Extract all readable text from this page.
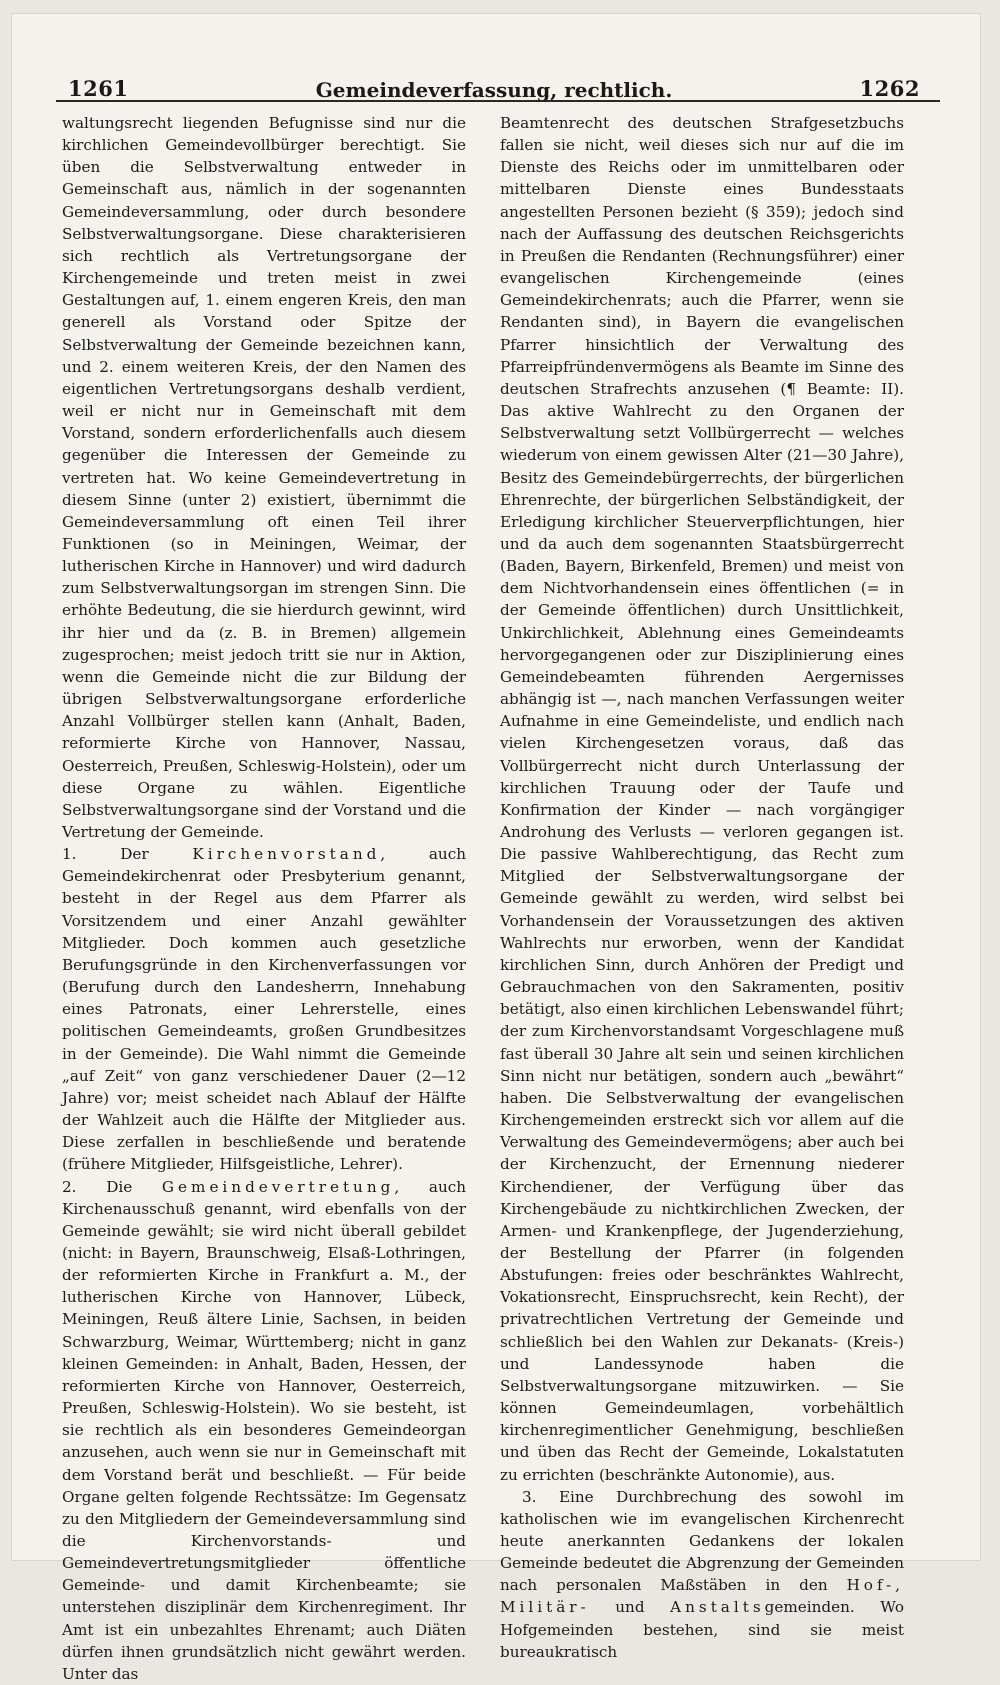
1261	Gemeindeverfassung, rechtlich.	1262

waltungsrecht liegenden Befugnisse sind nur die kirchlichen Gemeindevollbürger berechtigt. Sie üben die Selbstverwaltung entweder in Gemeinschaft aus, nämlich in der sogenannten Gemeindeversammlung, oder durch besondere Selbstverwaltungsorgane. Diese charakterisieren sich rechtlich als Vertretungsorgane der Kirchengemeinde und treten meist in zwei Gestaltungen auf, 1. einem engeren Kreis, den man generell als Vorstand oder Spitze der Selbstverwaltung der Gemeinde bezeichnen kann, und 2. einem weiteren Kreis, der den Namen des eigentlichen Vertretungsorgans deshalb verdient, weil er nicht nur in Gemeinschaft mit dem Vorstand, sondern erforderlichenfalls auch diesem gegenüber die Interessen der Gemeinde zu vertreten hat. Wo keine Gemeindevertretung in diesem Sinne (unter 2) existiert, übernimmt die Gemeindeversammlung oft einen Teil ihrer Funktionen (so in Meiningen, Weimar, der lutherischen Kirche in Hannover) und wird dadurch zum Selbstverwaltungsorgan im strengen Sinn. Die erhöhte Bedeutung, die sie hierdurch gewinnt, wird ihr hier und da (z. B. in Bremen) allgemein zugesprochen; meist jedoch tritt sie nur in Aktion, wenn die Gemeinde nicht die zur Bildung der übrigen Selbstverwaltungsorgane erforderliche Anzahl Vollbürger stellen kann (Anhalt, Baden, reformierte Kirche von Hannover, Nassau, Oesterreich, Preußen, Schleswig-Holstein), oder um diese Organe zu wählen. Eigentliche Selbstverwaltungsorgane sind der Vorstand und die Vertretung der Gemeinde.

1. Der Kirchenvorstand, auch Gemeindekirchenrat oder Presbyterium genannt, besteht in der Regel aus dem Pfarrer als Vorsitzendem und einer Anzahl gewählter Mitglieder. Doch kommen auch gesetzliche Berufungsgründe in den Kirchenverfassungen vor (Berufung durch den Landesherrn, Innehabung eines Patronats, einer Lehrerstelle, eines politischen Gemeindeamts, großen Grundbesitzes in der Gemeinde). Die Wahl nimmt die Gemeinde „auf Zeit“ von ganz verschiedener Dauer (2—12 Jahre) vor; meist scheidet nach Ablauf der Hälfte der Wahlzeit auch die Hälfte der Mitglieder aus. Diese zerfallen in beschließende und beratende (frühere Mitglieder, Hilfsgeistliche, Lehrer).

2. Die Gemeindevertretung, auch Kirchenausschuß genannt, wird ebenfalls von der Gemeinde gewählt; sie wird nicht überall gebildet (nicht: in Bayern, Braunschweig, Elsaß-Lothringen, der reformierten Kirche in Frankfurt a. M., der lutherischen Kirche von Hannover, Lübeck, Meiningen, Reuß ältere Linie, Sachsen, in beiden Schwarzburg, Weimar, Württemberg; nicht in ganz kleinen Gemeinden: in Anhalt, Baden, Hessen, der reformierten Kirche von Hannover, Oesterreich, Preußen, Schleswig-Holstein). Wo sie besteht, ist sie rechtlich als ein besonderes Gemeindeorgan anzusehen, auch wenn sie nur in Gemeinschaft mit dem Vorstand berät und beschließt. — Für beide Organe gelten folgende Rechtssätze: Im Gegensatz zu den Mitgliedern der Gemeindeversammlung sind die Kirchenvorstands- und Gemeindevertretungsmitglieder öffentliche Gemeinde- und damit Kirchenbeamte; sie unterstehen disziplinär dem Kirchenregiment. Ihr Amt ist ein unbezahltes Ehrenamt; auch Diäten dürfen ihnen grundsätzlich nicht gewährt werden. Unter das

Beamtenrecht des deutschen Strafgesetzbuchs fallen sie nicht, weil dieses sich nur auf die im Dienste des Reichs oder im unmittelbaren oder mittelbaren Dienste eines Bundesstaats angestellten Personen bezieht (§ 359); jedoch sind nach der Auffassung des deutschen Reichsgerichts in Preußen die Rendanten (Rechnungsführer) einer evangelischen Kirchengemeinde (eines Gemeindekirchenrats; auch die Pfarrer, wenn sie Rendanten sind), in Bayern die evangelischen Pfarrer hinsichtlich der Verwaltung des Pfarreipfründenvermögens als Beamte im Sinne des deutschen Strafrechts anzusehen (¶ Beamte: II). Das aktive Wahlrecht zu den Organen der Selbstverwaltung setzt Vollbürgerrecht — welches wiederum von einem gewissen Alter (21—30 Jahre), Besitz des Gemeindebürgerrechts, der bürgerlichen Ehrenrechte, der bürgerlichen Selbständigkeit, der Erledigung kirchlicher Steuerverpflichtungen, hier und da auch dem sogenannten Staatsbürgerrecht (Baden, Bayern, Birkenfeld, Bremen) und meist von dem Nichtvorhandensein eines öffentlichen (= in der Gemeinde öffentlichen) durch Unsittlichkeit, Unkirchlichkeit, Ablehnung eines Gemeindeamts hervorgegangenen oder zur Disziplinierung eines Gemeindebeamten führenden Aergernisses abhängig ist —, nach manchen Verfassungen weiter Aufnahme in eine Gemeindeliste, und endlich nach vielen Kirchengesetzen voraus, daß das Vollbürgerrecht nicht durch Unterlassung der kirchlichen Trauung oder der Taufe und Konfirmation der Kinder — nach vorgängiger Androhung des Verlusts — verloren gegangen ist. Die passive Wahlberechtigung, das Recht zum Mitglied der Selbstverwaltungsorgane der Gemeinde gewählt zu werden, wird selbst bei Vorhandensein der Voraussetzungen des aktiven Wahlrechts nur erworben, wenn der Kandidat kirchlichen Sinn, durch Anhören der Predigt und Gebrauchmachen von den Sakramenten, positiv betätigt, also einen kirchlichen Lebenswandel führt; der zum Kirchenvorstandsamt Vorgeschlagene muß fast überall 30 Jahre alt sein und seinen kirchlichen Sinn nicht nur betätigen, sondern auch „bewährt“ haben. Die Selbstverwaltung der evangelischen Kirchengemeinden erstreckt sich vor allem auf die Verwaltung des Gemeindevermögens; aber auch bei der Kirchenzucht, der Ernennung niederer Kirchendiener, der Verfügung über das Kirchengebäude zu nichtkirchlichen Zwecken, der Armen- und Krankenpflege, der Jugenderziehung, der Bestellung der Pfarrer (in folgenden Abstufungen: freies oder beschränktes Wahlrecht, Vokationsrecht, Einspruchsrecht, kein Recht), der privatrechtlichen Vertretung der Gemeinde und schließlich bei den Wahlen zur Dekanats- (Kreis-) und Landessynode haben die Selbstverwaltungsorgane mitzuwirken. — Sie können Gemeindeumlagen, vorbehältlich kirchenregimentlicher Genehmigung, beschließen und üben das Recht der Gemeinde, Lokalstatuten zu errichten (beschränkte Autonomie), aus.

3. Eine Durchbrechung des sowohl im katholischen wie im evangelischen Kirchenrecht heute anerkannten Gedankens der lokalen Gemeinde bedeutet die Abgrenzung der Gemeinden nach personalen Maßstäben in den Hof-, Militär- und Anstaltsgemeinden. Wo Hofgemeinden bestehen, sind sie meist bureaukratisch
